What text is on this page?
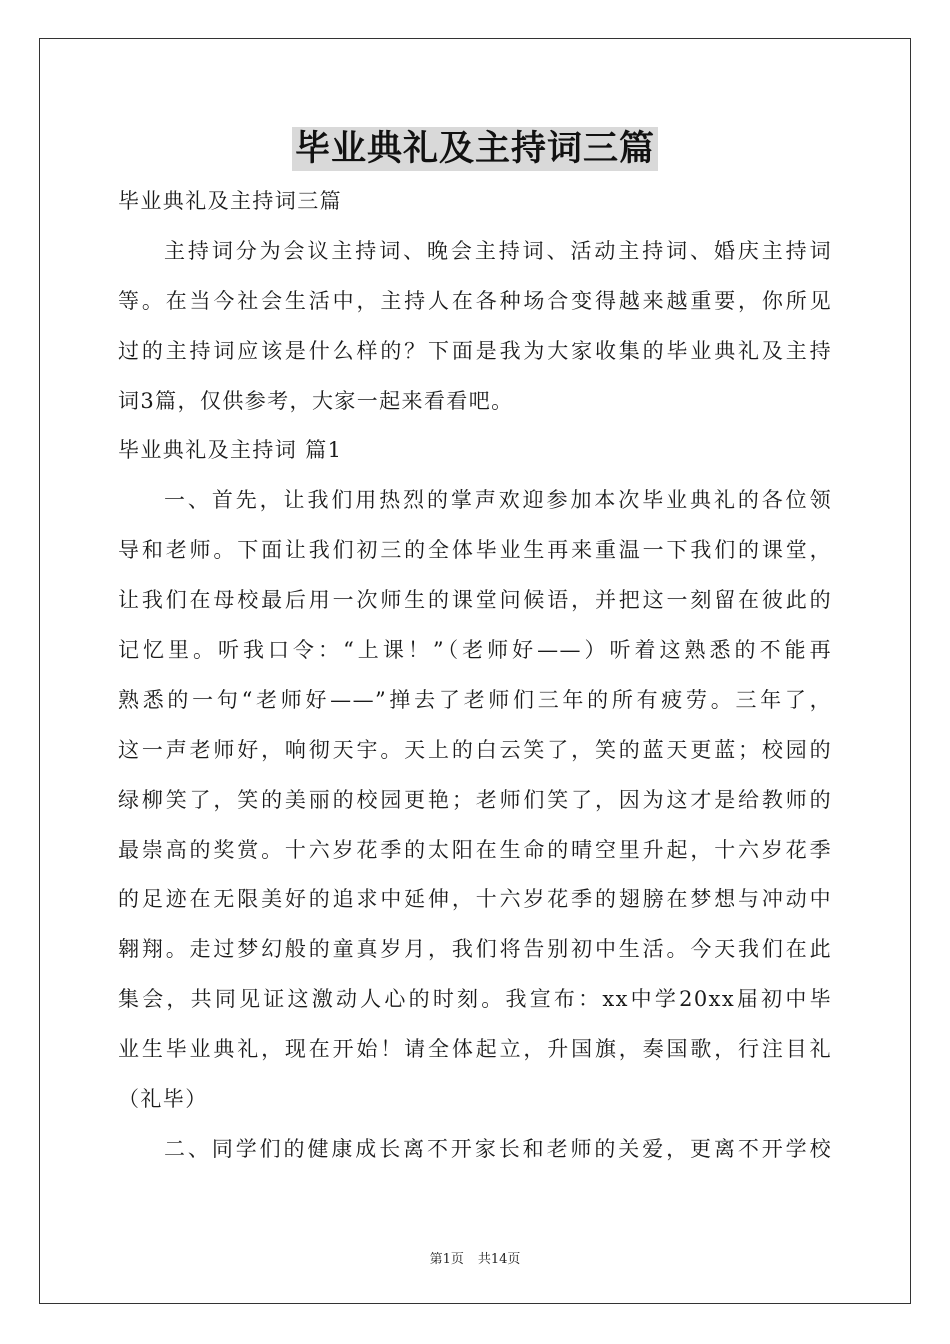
毕业典礼及主持词三篇
毕业典礼及主持词三篇
主持词分为会议主持词、晚会主持词、活动主持词、婚庆主持词
等。在当今社会生活中，主持人在各种场合变得越来越重要，你所见
过的主持词应该是什么样的？下面是我为大家收集的毕业典礼及主持
词3篇，仅供参考，大家一起来看看吧。
毕业典礼及主持词 篇1
一、首先，让我们用热烈的掌声欢迎参加本次毕业典礼的各位领
导和老师。下面让我们初三的全体毕业生再来重温一下我们的课堂，
让我们在母校最后用一次师生的课堂问候语，并把这一刻留在彼此的
记忆里。听我口令：“上课！”（老师好——）听着这熟悉的不能再
熟悉的一句“老师好——”掸去了老师们三年的所有疲劳。三年了，
这一声老师好，响彻天宇。天上的白云笑了，笑的蓝天更蓝；校园的
绿柳笑了，笑的美丽的校园更艳；老师们笑了，因为这才是给教师的
最崇高的奖赏。十六岁花季的太阳在生命的晴空里升起，十六岁花季
的足迹在无限美好的追求中延伸，十六岁花季的翅膀在梦想与冲动中
翱翔。走过梦幻般的童真岁月，我们将告别初中生活。今天我们在此
集会，共同见证这激动人心的时刻。我宣布：xx中学20xx届初中毕
业生毕业典礼，现在开始！请全体起立，升国旗，奏国歌，行注目礼
（礼毕）
二、同学们的健康成长离不开家长和老师的关爱，更离不开学校
第1页 共14页
